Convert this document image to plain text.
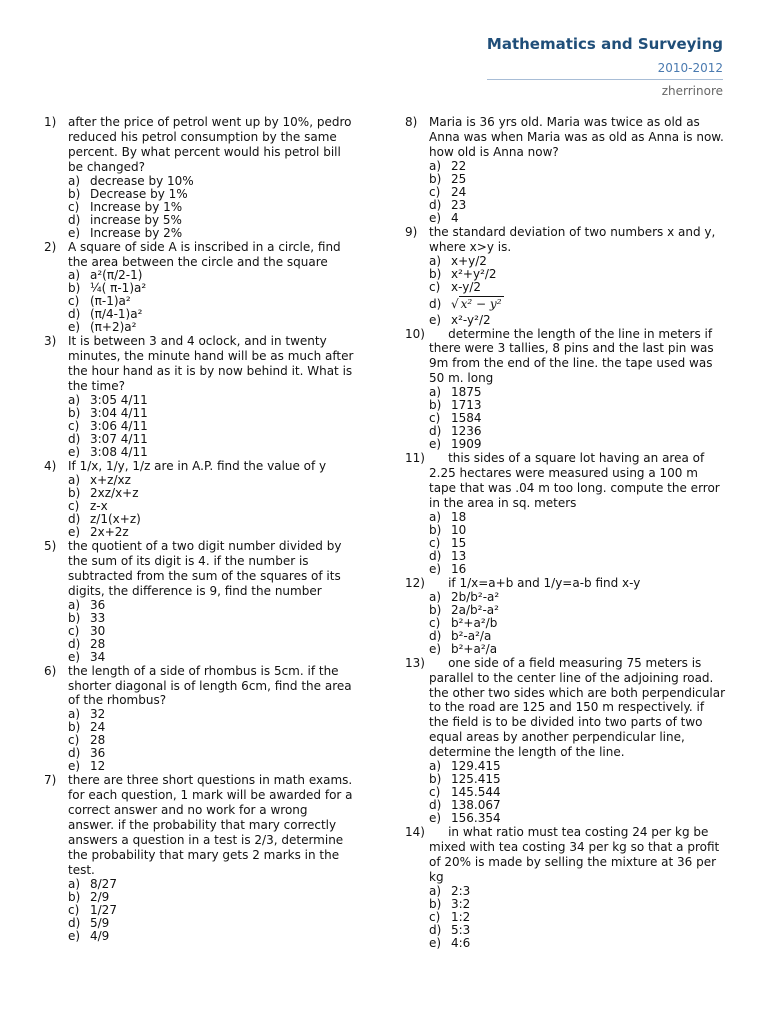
Mathematics and Surveying
2010-2012
zherrinore
1) after the price of petrol went up by 10%, pedro reduced his petrol consumption by the same percent. By what percent would his petrol bill be changed?
a) decrease by 10%
b) Decrease by 1%
c) Increase by 1%
d) increase by 5%
e) Increase by 2%
2) A square of side A is inscribed in a circle, find the area between the circle and the square
a) a²(π/2-1)
b) ¼( π-1)a²
c) (π-1)a²
d) (π/4-1)a²
e) (π+2)a²
3) It is between 3 and 4 oclock, and in twenty minutes, the minute hand will be as much after the hour hand as it is by now behind it. What is the time?
a) 3:05 4/11
b) 3:04 4/11
c) 3:06 4/11
d) 3:07 4/11
e) 3:08 4/11
4) If 1/x, 1/y, 1/z are in A.P. find the value of y
a) x+z/xz
b) 2xz/x+z
c) z-x
d) z/1(x+z)
e) 2x+2z
5) the quotient of a two digit number divided by the sum of its digit is 4. if the number is subtracted from the sum of the squares of its digits, the difference is 9, find the number
a) 36
b) 33
c) 30
d) 28
e) 34
6) the length of a side of rhombus is 5cm. if the shorter diagonal is of length 6cm, find the area of the rhombus?
a) 32
b) 24
c) 28
d) 36
e) 12
7) there are three short questions in math exams. for each question, 1 mark will be awarded for a correct answer and no work for a wrong answer. if the probability that mary correctly answers a question in a test is 2/3, determine the probability that mary gets 2 marks in the test.
a) 8/27
b) 2/9
c) 1/27
d) 5/9
e) 4/9
8) Maria is 36 yrs old. Maria was twice as old as Anna was when Maria was as old as Anna is now. how old is Anna now?
a) 22
b) 25
c) 24
d) 23
e) 4
9) the standard deviation of two numbers x and y, where x>y is.
a) x+y/2
b) x²+y²/2
c) x-y/2
d) √ x² − y²
e) x²-y²/2
10) determine the length of the line in meters if there were 3 tallies, 8 pins and the last pin was 9m from the end of the line. the tape used was 50 m. long
a) 1875
b) 1713
c) 1584
d) 1236
e) 1909
11) this sides of a square lot having an area of 2.25 hectares were measured using a 100 m tape that was .04 m too long. compute the error in the area in sq. meters
a) 18
b) 10
c) 15
d) 13
e) 16
12) if 1/x=a+b and 1/y=a-b find x-y
a) 2b/b²-a²
b) 2a/b²-a²
c) b²+a²/b
d) b²-a²/a
e) b²+a²/a
13) one side of a field measuring 75 meters is parallel to the center line of the adjoining road. the other two sides which are both perpendicular to the road are 125 and 150 m respectively. if the field is to be divided into two parts of two equal areas by another perpendicular line, determine the length of the line.
a) 129.415
b) 125.415
c) 145.544
d) 138.067
e) 156.354
14) in what ratio must tea costing 24 per kg be mixed with tea costing 34 per kg so that a profit of 20% is made by selling the mixture at 36 per kg
a) 2:3
b) 3:2
c) 1:2
d) 5:3
e) 4:6
